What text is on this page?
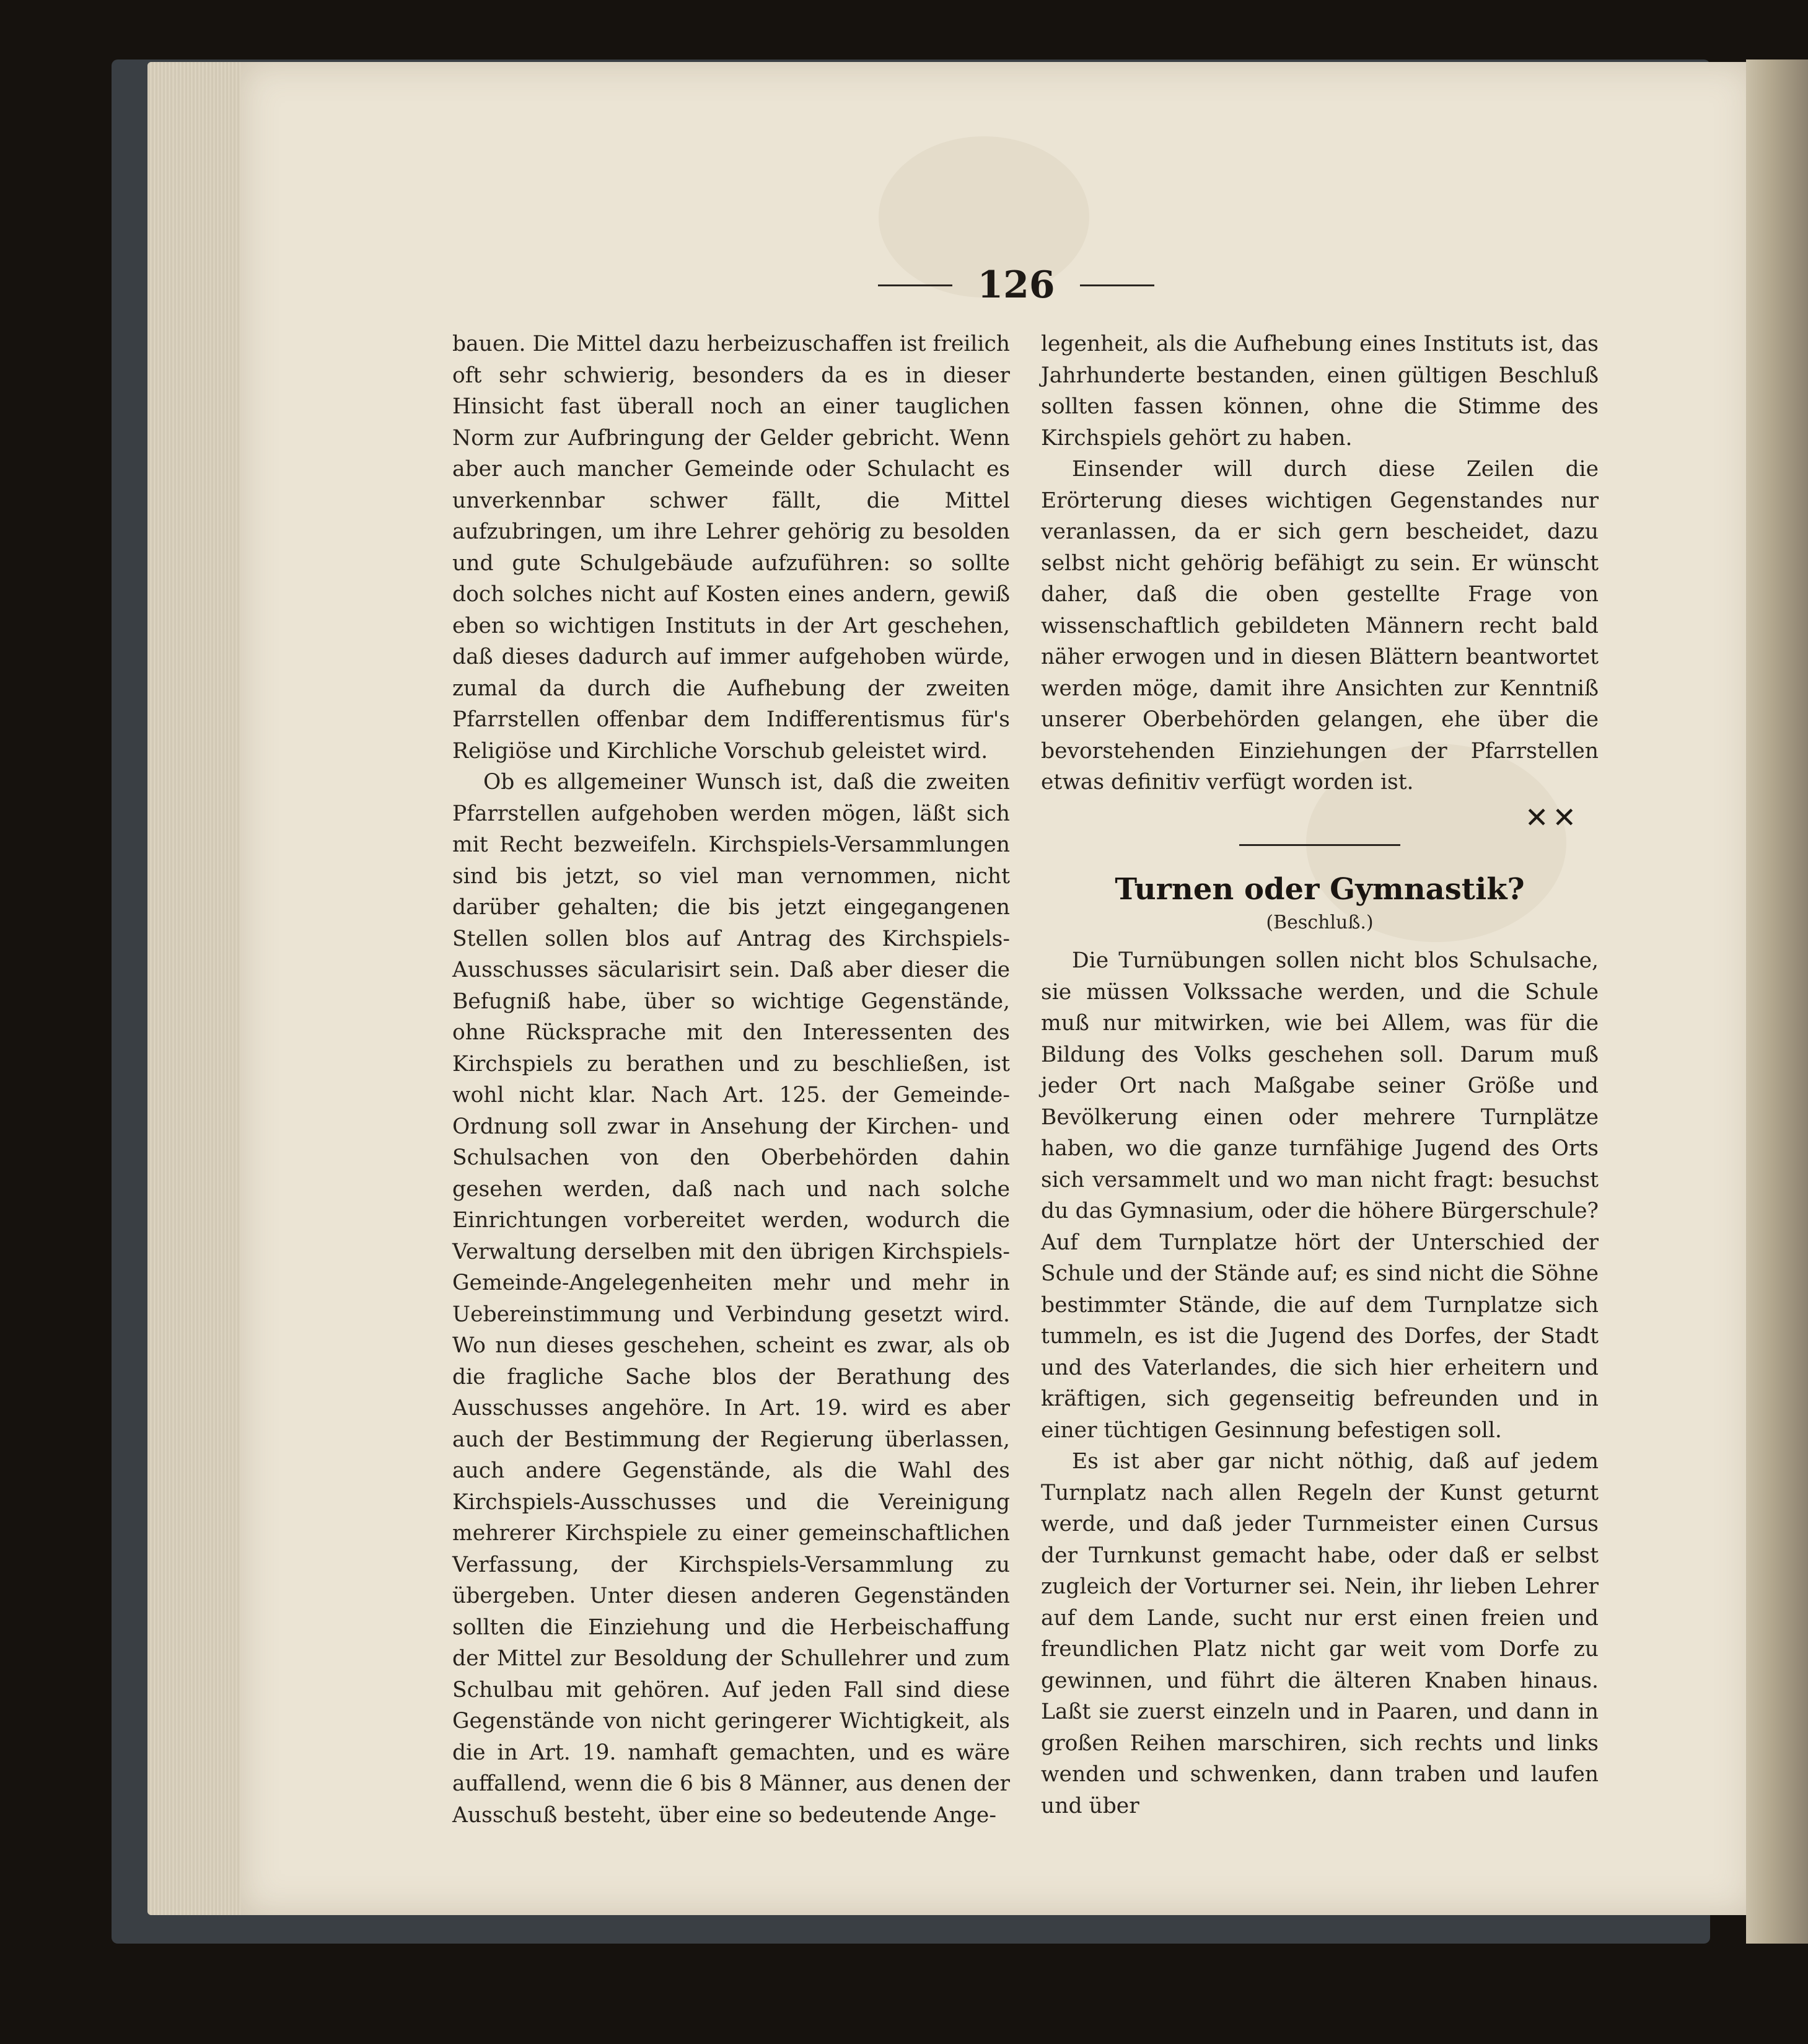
126

bauen. Die Mittel dazu herbeizuschaffen ist freilich oft sehr schwierig, besonders da es in dieser Hinsicht fast überall noch an einer tauglichen Norm zur Aufbringung der Gelder gebricht. Wenn aber auch mancher Gemeinde oder Schulacht es unverkennbar schwer fällt, die Mittel aufzubringen, um ihre Lehrer gehörig zu besolden und gute Schulgebäude aufzuführen: so sollte doch solches nicht auf Kosten eines andern, gewiß eben so wichtigen Instituts in der Art geschehen, daß dieses dadurch auf immer aufgehoben würde, zumal da durch die Aufhebung der zweiten Pfarrstellen offenbar dem Indifferentismus für's Religiöse und Kirchliche Vorschub geleistet wird.

Ob es allgemeiner Wunsch ist, daß die zweiten Pfarrstellen aufgehoben werden mögen, läßt sich mit Recht bezweifeln. Kirchspiels-Versammlungen sind bis jetzt, so viel man vernommen, nicht darüber gehalten; die bis jetzt eingegangenen Stellen sollen blos auf Antrag des Kirchspiels-Ausschusses säcularisirt sein. Daß aber dieser die Befugniß habe, über so wichtige Gegenstände, ohne Rücksprache mit den Interessenten des Kirchspiels zu berathen und zu beschließen, ist wohl nicht klar. Nach Art. 125. der Gemeinde-Ordnung soll zwar in Ansehung der Kirchen- und Schulsachen von den Oberbehörden dahin gesehen werden, daß nach und nach solche Einrichtungen vorbereitet werden, wodurch die Verwaltung derselben mit den übrigen Kirchspiels-Gemeinde-Angelegenheiten mehr und mehr in Uebereinstimmung und Verbindung gesetzt wird. Wo nun dieses geschehen, scheint es zwar, als ob die fragliche Sache blos der Berathung des Ausschusses angehöre. In Art. 19. wird es aber auch der Bestimmung der Regierung überlassen, auch andere Gegenstände, als die Wahl des Kirchspiels-Ausschusses und die Vereinigung mehrerer Kirchspiele zu einer gemeinschaftlichen Verfassung, der Kirchspiels-Versammlung zu übergeben. Unter diesen anderen Gegenständen sollten die Einziehung und die Herbeischaffung der Mittel zur Besoldung der Schullehrer und zum Schulbau mit gehören. Auf jeden Fall sind diese Gegenstände von nicht geringerer Wichtigkeit, als die in Art. 19. namhaft gemachten, und es wäre auffallend, wenn die 6 bis 8 Männer, aus denen der Ausschuß besteht, über eine so bedeutende Ange-

legenheit, als die Aufhebung eines Instituts ist, das Jahrhunderte bestanden, einen gültigen Beschluß sollten fassen können, ohne die Stimme des Kirchspiels gehört zu haben.

Einsender will durch diese Zeilen die Erörterung dieses wichtigen Gegenstandes nur veranlassen, da er sich gern bescheidet, dazu selbst nicht gehörig befähigt zu sein. Er wünscht daher, daß die oben gestellte Frage von wissenschaftlich gebildeten Männern recht bald näher erwogen und in diesen Blättern beantwortet werden möge, damit ihre Ansichten zur Kenntniß unserer Oberbehörden gelangen, ehe über die bevorstehenden Einziehungen der Pfarrstellen etwas definitiv verfügt worden ist.

✕✕
Turnen oder Gymnastik?
(Beschluß.)

Die Turnübungen sollen nicht blos Schulsache, sie müssen Volkssache werden, und die Schule muß nur mitwirken, wie bei Allem, was für die Bildung des Volks geschehen soll. Darum muß jeder Ort nach Maßgabe seiner Größe und Bevölkerung einen oder mehrere Turnplätze haben, wo die ganze turnfähige Jugend des Orts sich versammelt und wo man nicht fragt: besuchst du das Gymnasium, oder die höhere Bürgerschule? Auf dem Turnplatze hört der Unterschied der Schule und der Stände auf; es sind nicht die Söhne bestimmter Stände, die auf dem Turnplatze sich tummeln, es ist die Jugend des Dorfes, der Stadt und des Vaterlandes, die sich hier erheitern und kräftigen, sich gegenseitig befreunden und in einer tüchtigen Gesinnung befestigen soll.

Es ist aber gar nicht nöthig, daß auf jedem Turnplatz nach allen Regeln der Kunst geturnt werde, und daß jeder Turnmeister einen Cursus der Turnkunst gemacht habe, oder daß er selbst zugleich der Vorturner sei. Nein, ihr lieben Lehrer auf dem Lande, sucht nur erst einen freien und freundlichen Platz nicht gar weit vom Dorfe zu gewinnen, und führt die älteren Knaben hinaus. Laßt sie zuerst einzeln und in Paaren, und dann in großen Reihen marschiren, sich rechts und links wenden und schwenken, dann traben und laufen und über
